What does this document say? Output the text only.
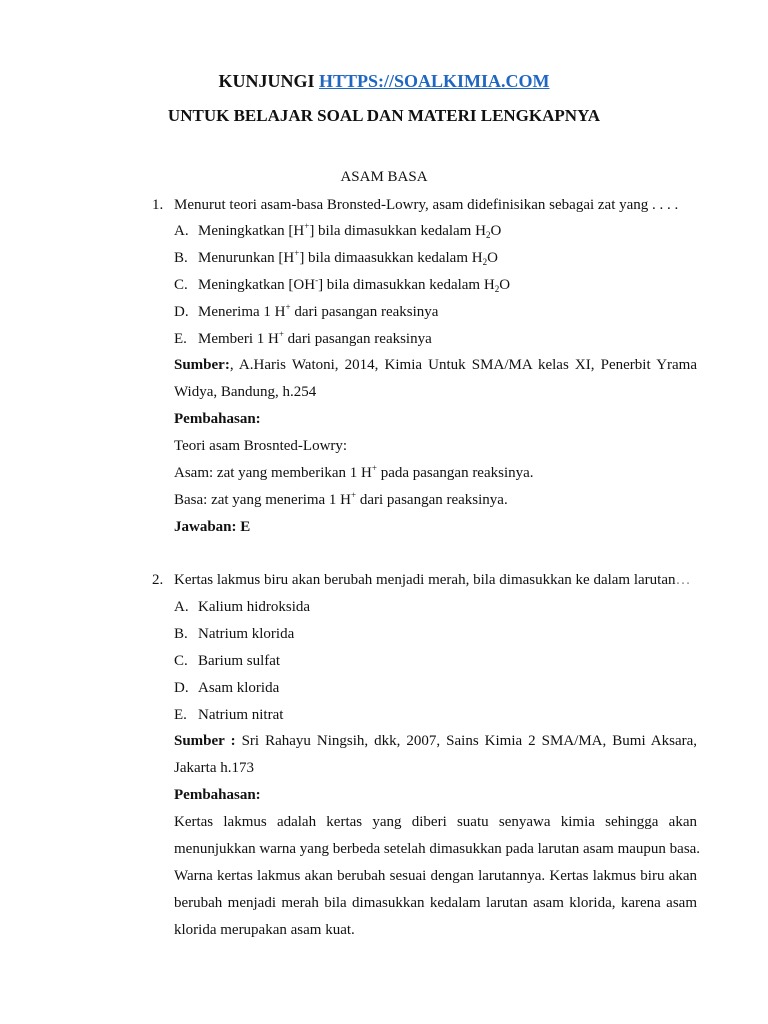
KUNJUNGI HTTPS://SOALKIMIA.COM
UNTUK BELAJAR SOAL DAN MATERI LENGKAPNYA
ASAM BASA
1. Menurut teori asam-basa Bronsted-Lowry, asam didefinisikan sebagai zat yang . . . .
A. Meningkatkan [H+] bila dimasukkan kedalam $H_2O$
B. Menurunkan [H+] bila dimaasukkan kedalam $H_2O$
C. Meningkatkan [OH-] bila dimasukkan kedalam $H_2O$
D. Menerima 1 H+ dari pasangan reaksinya
E. Memberi 1 H+ dari pasangan reaksinya
Sumber:, A.Haris Watoni, 2014, Kimia Untuk SMA/MA kelas XI, Penerbit Yrama
Widya, Bandung, h.254
Pembahasan:
Teori asam Brosnted-Lowry:
Asam: zat yang memberikan 1 H+ pada pasangan reaksinya.
Basa: zat yang menerima 1 H+ dari pasangan reaksinya.
Jawaban: E
2. Kertas lakmus biru akan berubah menjadi merah, bila dimasukkan ke dalam larutan…
A. Kalium hidroksida
B. Natrium klorida
C. Barium sulfat
D. Asam klorida
E. Natrium nitrat
Sumber : Sri Rahayu Ningsih, dkk, 2007, Sains Kimia 2 SMA/MA, Bumi Aksara,
Jakarta h.173
Pembahasan:
Kertas lakmus adalah kertas yang diberi suatu senyawa kimia sehingga akan
menunjukkan warna yang berbeda setelah dimasukkan pada larutan asam maupun basa.
Warna kertas lakmus akan berubah sesuai dengan larutannya. Kertas lakmus biru akan
berubah menjadi merah bila dimasukkan kedalam larutan asam klorida, karena asam
klorida merupakan asam kuat.
